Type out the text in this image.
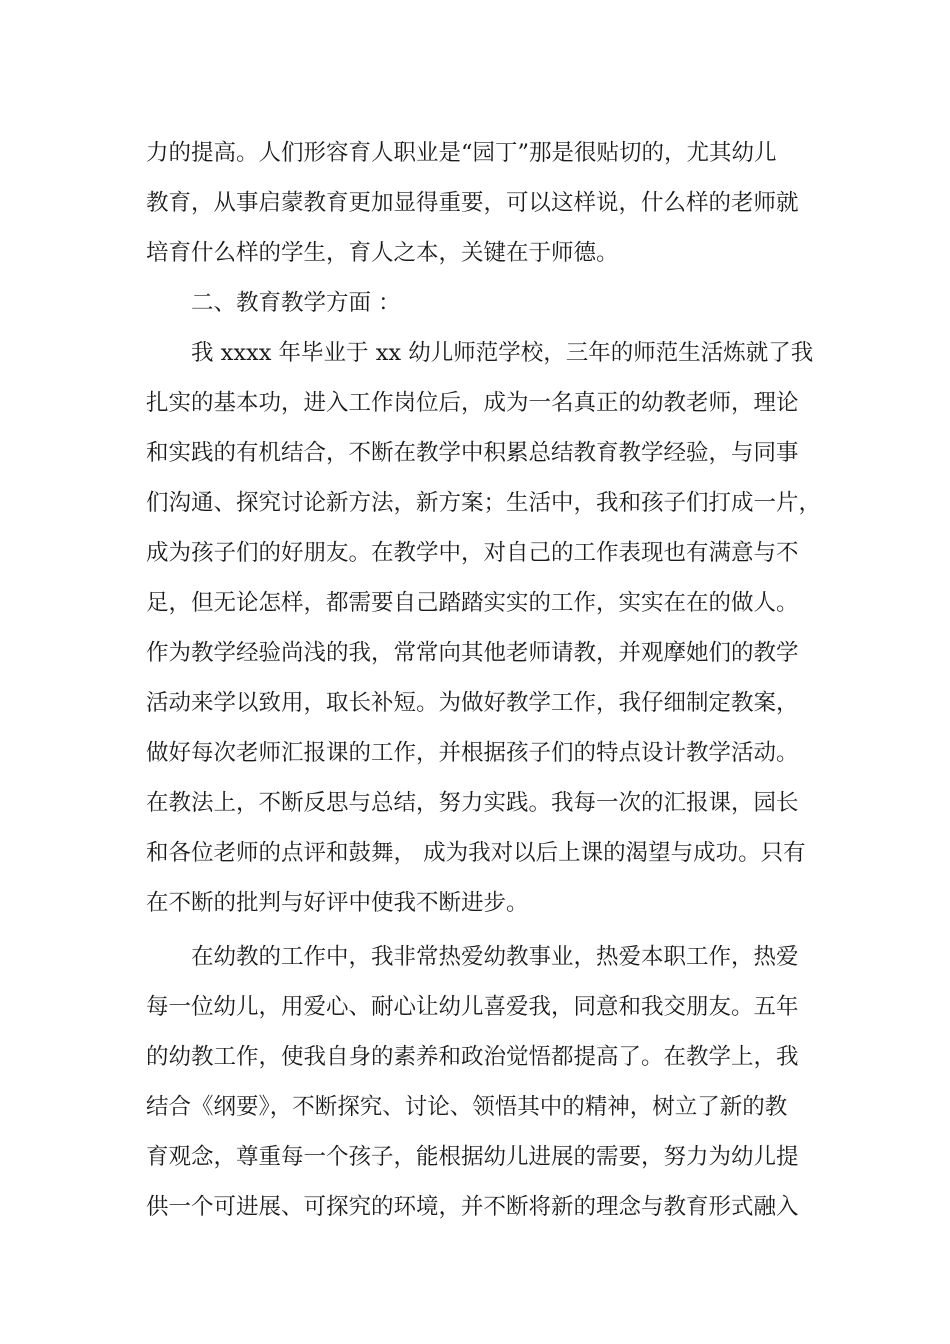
力的提高。人们形容育人职业是“园丁”那是很贴切的，尤其幼儿
教育，从事启蒙教育更加显得重要，可以这样说，什么样的老师就
培育什么样的学生，育人之本，关键在于师德。
二、教育教学方面 ：
我 xxxx 年毕业于 xx 幼儿师范学校，三年的师范生活炼就了我
扎实的基本功，进入工作岗位后，成为一名真正的幼教老师，理论
和实践的有机结合，不断在教学中积累总结教育教学经验，与同事
们沟通、探究讨论新方法，新方案；生活中，我和孩子们打成一片，
成为孩子们的好朋友。在教学中，对自己的工作表现也有满意与不
足，但无论怎样，都需要自己踏踏实实的工作，实实在在的做人。
作为教学经验尚浅的我，常常向其他老师请教，并观摩她们的教学
活动来学以致用，取长补短。为做好教学工作，我仔细制定教案，
做好每次老师汇报课的工作，并根据孩子们的特点设计教学活动。
在教法上，不断反思与总结，努力实践。我每一次的汇报课，园长
和各位老师的点评和鼓舞， 成为我对以后上课的渴望与成功。只有
在不断的批判与好评中使我不断进步。
在幼教的工作中，我非常热爱幼教事业，热爱本职工作，热爱
每一位幼儿，用爱心、耐心让幼儿喜爱我，同意和我交朋友。五年
的幼教工作，使我自身的素养和政治觉悟都提高了。在教学上，我
结合《纲要》，不断探究、讨论、领悟其中的精神，树立了新的教
育观念，尊重每一个孩子，能根据幼儿进展的需要，努力为幼儿提
供一个可进展、可探究的环境，并不断将新的理念与教育形式融入
